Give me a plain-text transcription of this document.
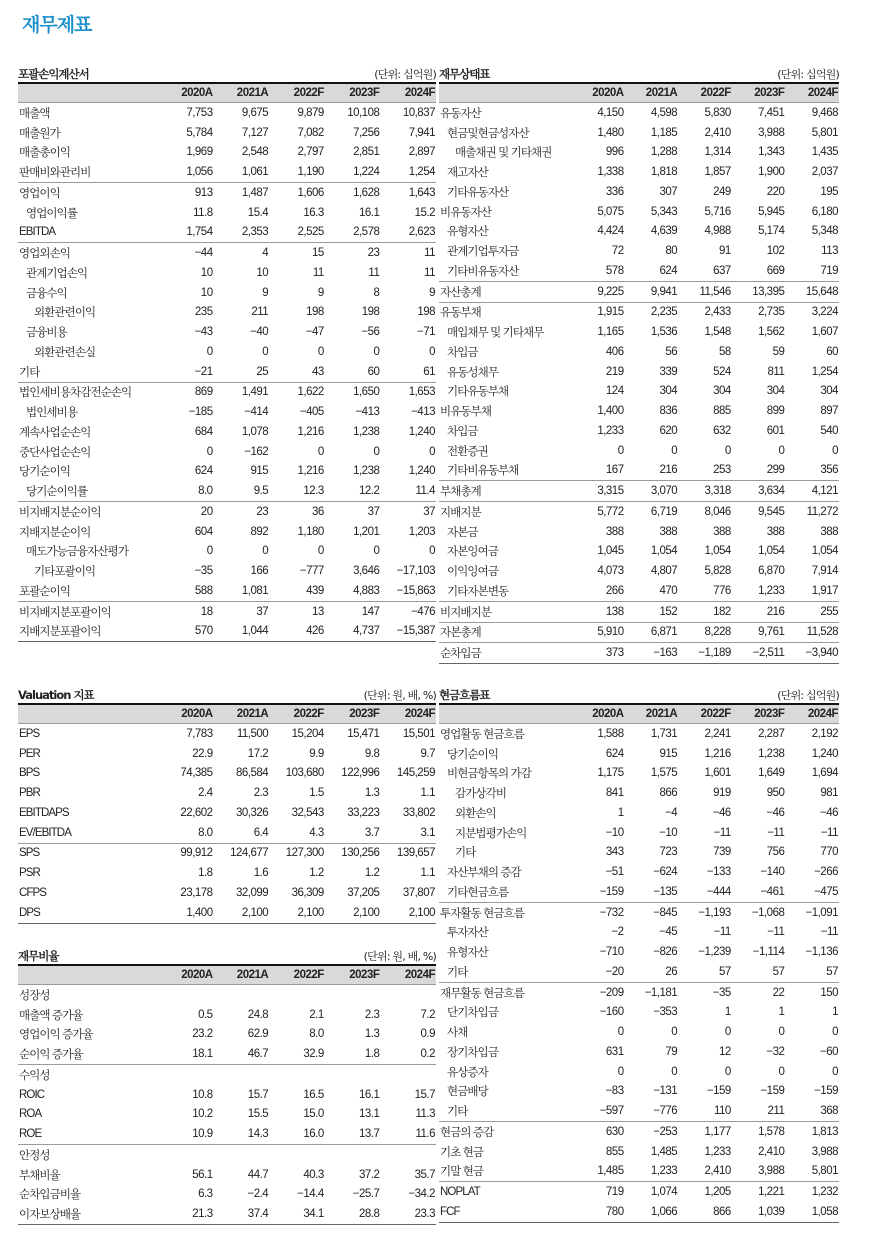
재무제표
포괄손익계산서	(단위: 십억원)
	2020A	2021A	2022F	2023F	2024F
매출액	7,753	9,675	9,879	10,108	10,837
매출원가	5,784	7,127	7,082	7,256	7,941
매출총이익	1,969	2,548	2,797	2,851	2,897
판매비와관리비	1,056	1,061	1,190	1,224	1,254
영업이익	913	1,487	1,606	1,628	1,643
영업이익률	11.8	15.4	16.3	16.1	15.2
EBITDA	1,754	2,353	2,525	2,578	2,623
영업외손익	−44	4	15	23	11
관계기업손익	10	10	11	11	11
금융수익	10	9	9	8	9
외환관련이익	235	211	198	198	198
금융비용	−43	−40	−47	−56	−71
외환관련손실	0	0	0	0	0
기타	−21	25	43	60	61
법인세비용차감전순손익	869	1,491	1,622	1,650	1,653
법인세비용	−185	−414	−405	−413	−413
계속사업순손익	684	1,078	1,216	1,238	1,240
중단사업순손익	0	−162	0	0	0
당기순이익	624	915	1,216	1,238	1,240
당기순이익률	8.0	9.5	12.3	12.2	11.4
비지배지분순이익	20	23	36	37	37
지배지분순이익	604	892	1,180	1,201	1,203
매도가능금융자산평가	0	0	0	0	0
기타포괄이익	−35	166	−777	3,646	−17,103
포괄순이익	588	1,081	439	4,883	−15,863
비지배지분포괄이익	18	37	13	147	−476
지배지분포괄이익	570	1,044	426	4,737	−15,387
재무상태표	(단위: 십억원)
	2020A	2021A	2022F	2023F	2024F
유동자산	4,150	4,598	5,830	7,451	9,468
현금및현금성자산	1,480	1,185	2,410	3,988	5,801
매출채권 및 기타채권	996	1,288	1,314	1,343	1,435
재고자산	1,338	1,818	1,857	1,900	2,037
기타유동자산	336	307	249	220	195
비유동자산	5,075	5,343	5,716	5,945	6,180
유형자산	4,424	4,639	4,988	5,174	5,348
관계기업투자금	72	80	91	102	113
기타비유동자산	578	624	637	669	719
자산총계	9,225	9,941	11,546	13,395	15,648
유동부채	1,915	2,235	2,433	2,735	3,224
매입채무 및 기타채무	1,165	1,536	1,548	1,562	1,607
차입금	406	56	58	59	60
유동성채무	219	339	524	811	1,254
기타유동부채	124	304	304	304	304
비유동부채	1,400	836	885	899	897
차입금	1,233	620	632	601	540
전환증권	0	0	0	0	0
기타비유동부채	167	216	253	299	356
부채총계	3,315	3,070	3,318	3,634	4,121
지배지분	5,772	6,719	8,046	9,545	11,272
자본금	388	388	388	388	388
자본잉여금	1,045	1,054	1,054	1,054	1,054
이익잉여금	4,073	4,807	5,828	6,870	7,914
기타자본변동	266	470	776	1,233	1,917
비지배지분	138	152	182	216	255
자본총계	5,910	6,871	8,228	9,761	11,528
순차입금	373	−163	−1,189	−2,511	−3,940
Valuation 지표	(단위: 원, 배, %)
	2020A	2021A	2022F	2023F	2024F
EPS	7,783	11,500	15,204	15,471	15,501
PER	22.9	17.2	9.9	9.8	9.7
BPS	74,385	86,584	103,680	122,996	145,259
PBR	2.4	2.3	1.5	1.3	1.1
EBITDAPS	22,602	30,326	32,543	33,223	33,802
EV/EBITDA	8.0	6.4	4.3	3.7	3.1
SPS	99,912	124,677	127,300	130,256	139,657
PSR	1.8	1.6	1.2	1.2	1.1
CFPS	23,178	32,099	36,309	37,205	37,807
DPS	1,400	2,100	2,100	2,100	2,100
재무비율	(단위: 원, 배, %)
	2020A	2021A	2022F	2023F	2024F
성장성					
매출액 증가율	0.5	24.8	2.1	2.3	7.2
영업이익 증가율	23.2	62.9	8.0	1.3	0.9
순이익 증가율	18.1	46.7	32.9	1.8	0.2
수익성					
ROIC	10.8	15.7	16.5	16.1	15.7
ROA	10.2	15.5	15.0	13.1	11.3
ROE	10.9	14.3	16.0	13.7	11.6
안정성					
부채비율	56.1	44.7	40.3	37.2	35.7
순차입금비율	6.3	−2.4	−14.4	−25.7	−34.2
이자보상배율	21.3	37.4	34.1	28.8	23.3
현금흐름표	(단위: 십억원)
	2020A	2021A	2022F	2023F	2024F
영업활동 현금흐름	1,588	1,731	2,241	2,287	2,192
당기순이익	624	915	1,216	1,238	1,240
비현금항목의 가감	1,175	1,575	1,601	1,649	1,694
감가상각비	841	866	919	950	981
외환손익	1	−4	−46	−46	−46
지분법평가손익	−10	−10	−11	−11	−11
기타	343	723	739	756	770
자산부채의 증감	−51	−624	−133	−140	−266
기타현금흐름	−159	−135	−444	−461	−475
투자활동 현금흐름	−732	−845	−1,193	−1,068	−1,091
투자자산	−2	−45	−11	−11	−11
유형자산	−710	−826	−1,239	−1,114	−1,136
기타	−20	26	57	57	57
재무활동 현금흐름	−209	−1,181	−35	22	150
단기차입금	−160	−353	1	1	1
사채	0	0	0	0	0
장기차입금	631	79	12	−32	−60
유상증자	0	0	0	0	0
현금배당	−83	−131	−159	−159	−159
기타	−597	−776	110	211	368
현금의 증감	630	−253	1,177	1,578	1,813
기초 현금	855	1,485	1,233	2,410	3,988
기말 현금	1,485	1,233	2,410	3,988	5,801
NOPLAT	719	1,074	1,205	1,221	1,232
FCF	780	1,066	866	1,039	1,058
